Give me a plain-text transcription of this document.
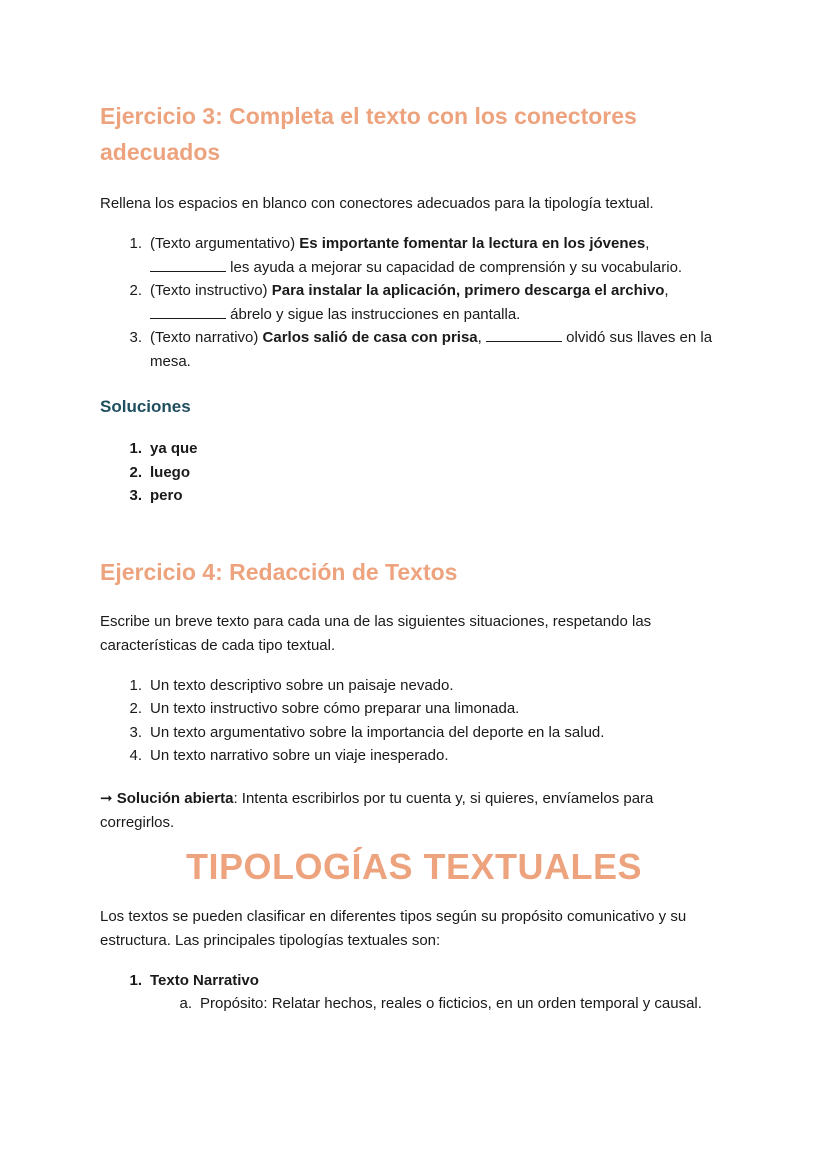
Ejercicio 3: Completa el texto con los conectores
adecuados

Rellena los espacios en blanco con conectores adecuados para la tipología textual.

1. (Texto argumentativo) Es importante fomentar la lectura en los jóvenes,
les ayuda a mejorar su capacidad de comprensión y su vocabulario.
2. (Texto instructivo) Para instalar la aplicación, primero descarga el archivo,
ábrelo y sigue las instrucciones en pantalla.
3. (Texto narrativo) Carlos salió de casa con prisa,	olvidó sus llaves en la mesa.
Soluciones
1. ya que
2. luego
3. pero
Ejercicio 4: Redacción de Textos

Escribe un breve texto para cada una de las siguientes situaciones, respetando las características de cada tipo textual.

1. Un texto descriptivo sobre un paisaje nevado.
2. Un texto instructivo sobre cómo preparar una limonada.
3. Un texto argumentativo sobre la importancia del deporte en la salud.
4. Un texto narrativo sobre un viaje inesperado.

➞ Solución abierta: Intenta escribirlos por tu cuenta y, si quieres, envíamelos para corregirlos.

TIPOLOGÍAS TEXTUALES

Los textos se pueden clasificar en diferentes tipos según su propósito comunicativo y su estructura. Las principales tipologías textuales son:

1. Texto Narrativo
a. Propósito: Relatar hechos, reales o ficticios, en un orden temporal y causal.
